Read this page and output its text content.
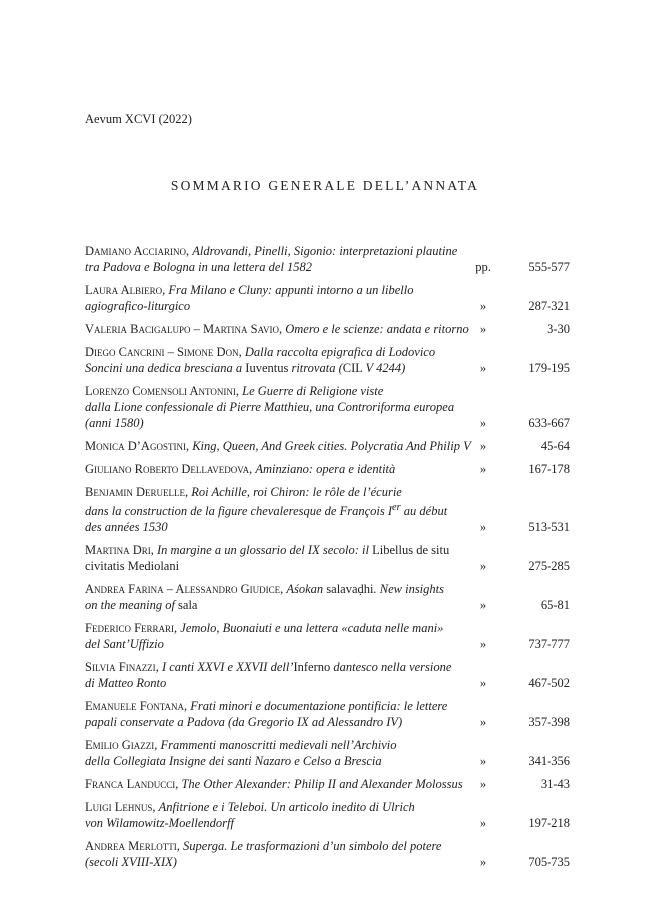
Aevum XCVI (2022)
SOMMARIO GENERALE DELL’ANNATA
Damiano Acciarino, Aldrovandi, Pinelli, Sigonio: interpretazioni plautine
tra Padova e Bologna in una lettera del 1582	pp.	555-577
Laura Albiero, Fra Milano e Cluny: appunti intorno a un libello
agiografico-liturgico	»	287-321
Valeria Bacigalupo – Martina Savio, Omero e le scienze: andata e ritorno »	3-30
Diego Cancrini – Simone Don, Dalla raccolta epigrafica di Lodovico
Soncini una dedica bresciana a Iuventus ritrovata (CIL V 4244)	»	179-195
Lorenzo Comensoli Antonini, Le Guerre di Religione viste
dalla Lione confessionale di Pierre Matthieu, una Controriforma europea
(anni 1580)	»	633-667
Monica D’Agostini, King, Queen, And Greek cities. Polycratia And Philip V »	45-64
Giuliano Roberto Dellavedova, Aminziano: opera e identità	»	167-178
Benjamin Deruelle, Roi Achille, roi Chiron: le rôle de l’écurie
dans la construction de la figure chevaleresque de François Ier au début
des années 1530	»	513-531
Martina Dri, In margine a un glossario del IX secolo: il Libellus de situ
civitatis Mediolani	»	275-285
Andrea Farina – Alessandro Giudice, Aśokan salavaḍhi. New insights
on the meaning of sala	»	65-81
Federico Ferrari, Jemolo, Buonaiuti e una lettera «caduta nelle mani»
del Sant’Uffizio	»	737-777
Silvia Finazzi, I canti XXVI e XXVII dell’Inferno dantesco nella versione
di Matteo Ronto	»	467-502
Emanuele Fontana, Frati minori e documentazione pontificia: le lettere
papali conservate a Padova (da Gregorio IX ad Alessandro IV)	»	357-398
Emilio Giazzi, Frammenti manoscritti medievali nell’Archivio
della Collegiata Insigne dei santi Nazaro e Celso a Brescia	»	341-356
Franca Landucci, The Other Alexander: Philip II and Alexander Molossus	»	31-43
Luigi Lehnus, Anfitrione e i Teleboi. Un articolo inedito di Ulrich
von Wilamowitz-Moellendorff	»	197-218
Andrea Merlotti, Superga. Le trasformazioni d’un simbolo del potere
(secoli XVIII-XIX)	»	705-735
